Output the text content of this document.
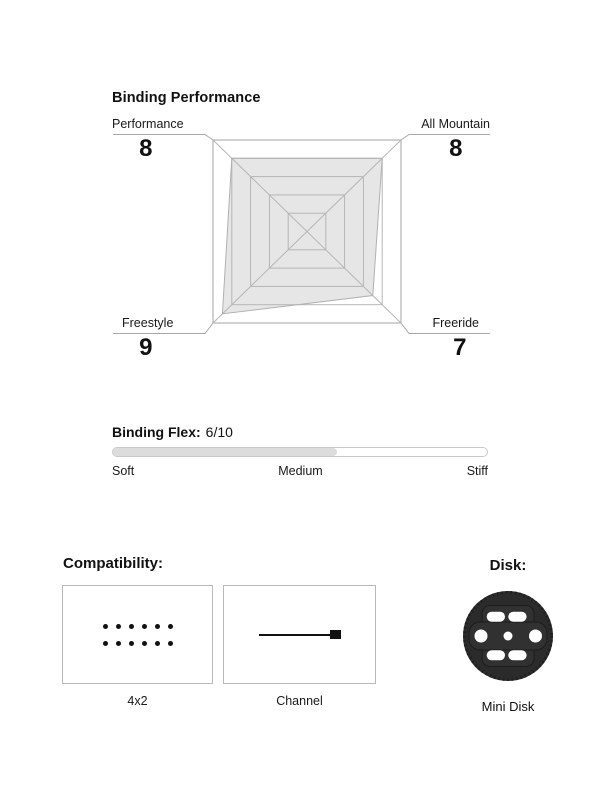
Binding Performance
Performance
8
All Mountain
8
Freestyle
9
Freeride
7
Binding Flex: 6/10
Soft	Medium	Stiff
Compatibility:
4x2	Channel
Disk:
Mini Disk
